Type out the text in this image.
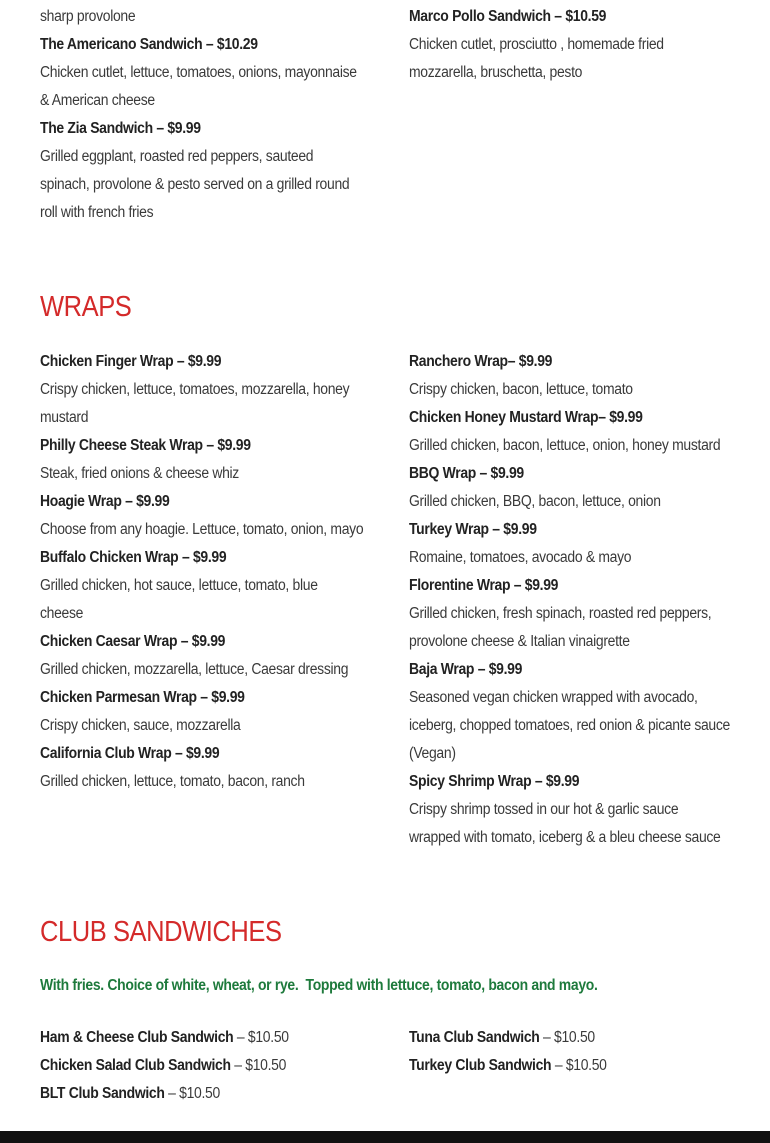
sharp provolone
The Americano Sandwich – $10.29
Chicken cutlet, lettuce, tomatoes, onions, mayonnaise
& American cheese
The Zia Sandwich – $9.99
Grilled eggplant, roasted red peppers, sauteed
spinach, provolone & pesto served on a grilled round
roll with french fries
Marco Pollo Sandwich – $10.59
Chicken cutlet, prosciutto , homemade fried
mozzarella, bruschetta, pesto
WRAPS
Chicken Finger Wrap – $9.99
Crispy chicken, lettuce, tomatoes, mozzarella, honey
mustard
Philly Cheese Steak Wrap – $9.99
Steak, fried onions & cheese whiz
Hoagie Wrap – $9.99
Choose from any hoagie. Lettuce, tomato, onion, mayo
Buffalo Chicken Wrap – $9.99
Grilled chicken, hot sauce, lettuce, tomato, blue
cheese
Chicken Caesar Wrap – $9.99
Grilled chicken, mozzarella, lettuce, Caesar dressing
Chicken Parmesan Wrap – $9.99
Crispy chicken, sauce, mozzarella
California Club Wrap – $9.99
Grilled chicken, lettuce, tomato, bacon, ranch
Ranchero Wrap– $9.99
Crispy chicken, bacon, lettuce, tomato
Chicken Honey Mustard Wrap– $9.99
Grilled chicken, bacon, lettuce, onion, honey mustard
BBQ Wrap – $9.99
Grilled chicken, BBQ, bacon, lettuce, onion
Turkey Wrap – $9.99
Romaine, tomatoes, avocado & mayo
Florentine Wrap – $9.99
Grilled chicken, fresh spinach, roasted red peppers,
provolone cheese & Italian vinaigrette
Baja Wrap – $9.99
Seasoned vegan chicken wrapped with avocado,
iceberg, chopped tomatoes, red onion & picante sauce
(Vegan)
Spicy Shrimp Wrap – $9.99
Crispy shrimp tossed in our hot & garlic sauce
wrapped with tomato, iceberg & a bleu cheese sauce
CLUB SANDWICHES
With fries. Choice of white, wheat, or rye.  Topped with lettuce, tomato, bacon and mayo.
Ham & Cheese Club Sandwich – $10.50
Chicken Salad Club Sandwich – $10.50
BLT Club Sandwich – $10.50
Tuna Club Sandwich – $10.50
Turkey Club Sandwich – $10.50
